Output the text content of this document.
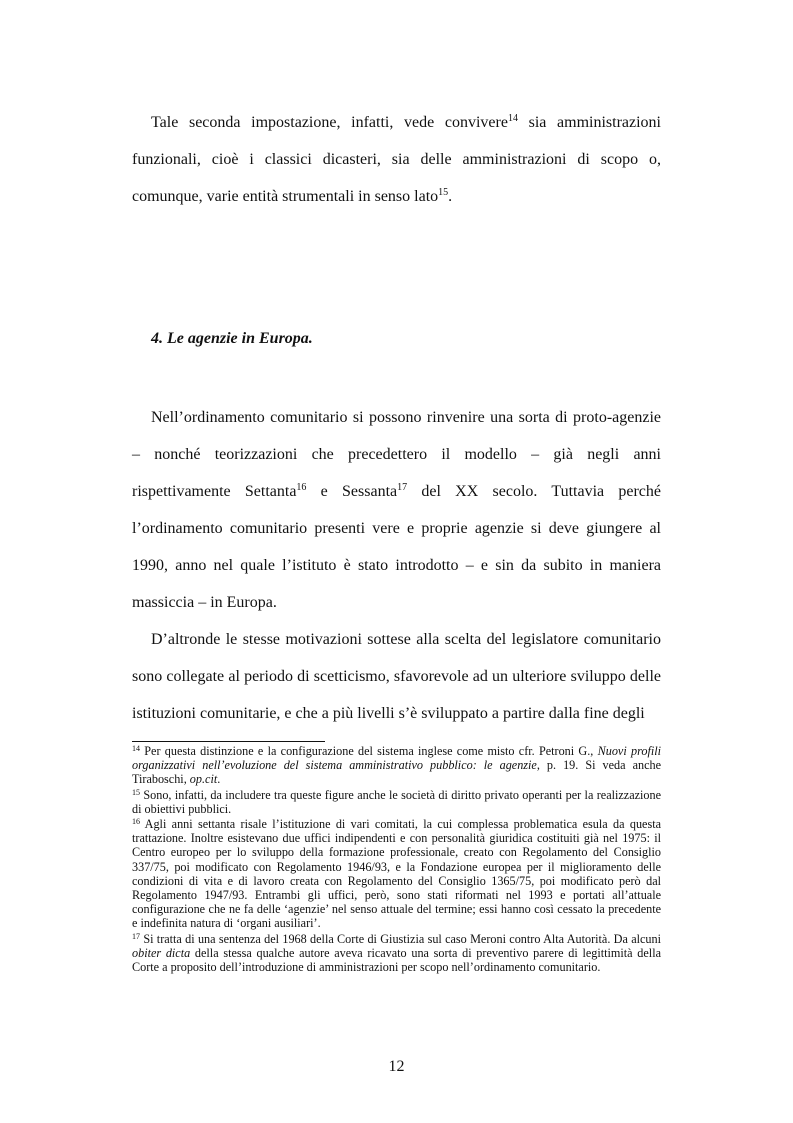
Tale seconda impostazione, infatti, vede convivere$^{14}$ sia amministrazioni funzionali, cioè i classici dicasteri, sia delle amministrazioni di scopo o, comunque, varie entità strumentali in senso lato$^{15}$.

4. Le agenzie in Europa.

Nell’ordinamento comunitario si possono rinvenire una sorta di proto-agenzie – nonché teorizzazioni che precedettero il modello – già negli anni rispettivamente Settanta$^{16}$ e Sessanta$^{17}$ del XX secolo. Tuttavia perché l’ordinamento comunitario presenti vere e proprie agenzie si deve giungere al 1990, anno nel quale l’istituto è stato introdotto – e sin da subito in maniera massiccia – in Europa.

D’altronde le stesse motivazioni sottese alla scelta del legislatore comunitario sono collegate al periodo di scetticismo, sfavorevole ad un ulteriore sviluppo delle istituzioni comunitarie, e che a più livelli s’è sviluppato a partire dalla fine degli

$^{14}$ Per questa distinzione e la configurazione del sistema inglese come misto cfr. Petroni G., Nuovi profili organizzativi nell’evoluzione del sistema amministrativo pubblico: le agenzie, p. 19. Si veda anche Tiraboschi, op.cit.

$^{15}$ Sono, infatti, da includere tra queste figure anche le società di diritto privato operanti per la realizzazione di obiettivi pubblici.

$^{16}$ Agli anni settanta risale l’istituzione di vari comitati, la cui complessa problematica esula da questa trattazione. Inoltre esistevano due uffici indipendenti e con personalità giuridica costituiti già nel 1975: il Centro europeo per lo sviluppo della formazione professionale, creato con Regolamento del Consiglio 337/75, poi modificato con Regolamento 1946/93, e la Fondazione europea per il miglioramento delle condizioni di vita e di lavoro creata con Regolamento del Consiglio 1365/75, poi modificato però dal Regolamento 1947/93. Entrambi gli uffici, però, sono stati riformati nel 1993 e portati all’attuale configurazione che ne fa delle ‘agenzie’ nel senso attuale del termine; essi hanno così cessato la precedente e indefinita natura di ‘organi ausiliari’.

$^{17}$ Si tratta di una sentenza del 1968 della Corte di Giustizia sul caso Meroni contro Alta Autorità. Da alcuni obiter dicta della stessa qualche autore aveva ricavato una sorta di preventivo parere di legittimità della Corte a proposito dell’introduzione di amministrazioni per scopo nell’ordinamento comunitario.

12
